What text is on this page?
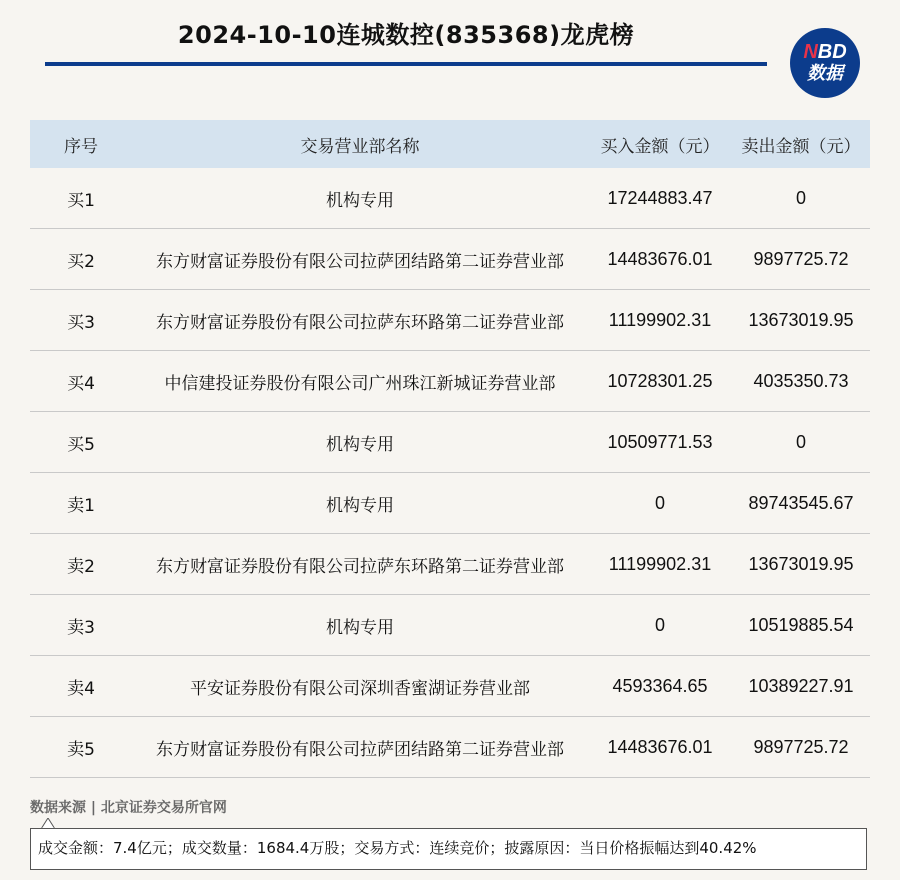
2024-10-10连城数控(835368)龙虎榜
NBD
数据
序号	交易营业部名称	买入金额（元）	卖出金额（元）
买1	机构专用	17244883.47	0
买2	东方财富证券股份有限公司拉萨团结路第二证券营业部	14483676.01	9897725.72
买3	东方财富证券股份有限公司拉萨东环路第二证券营业部	11199902.31	13673019.95
买4	中信建投证券股份有限公司广州珠江新城证券营业部	10728301.25	4035350.73
买5	机构专用	10509771.53	0
卖1	机构专用	0	89743545.67
卖2	东方财富证券股份有限公司拉萨东环路第二证券营业部	11199902.31	13673019.95
卖3	机构专用	0	10519885.54
卖4	平安证券股份有限公司深圳香蜜湖证券营业部	4593364.65	10389227.91
卖5	东方财富证券股份有限公司拉萨团结路第二证券营业部	14483676.01	9897725.72
数据来源 | 北京证券交易所官网
成交金额：7.4亿元；成交数量：1684.4万股；交易方式：连续竞价；披露原因：当日价格振幅达到40.42%
